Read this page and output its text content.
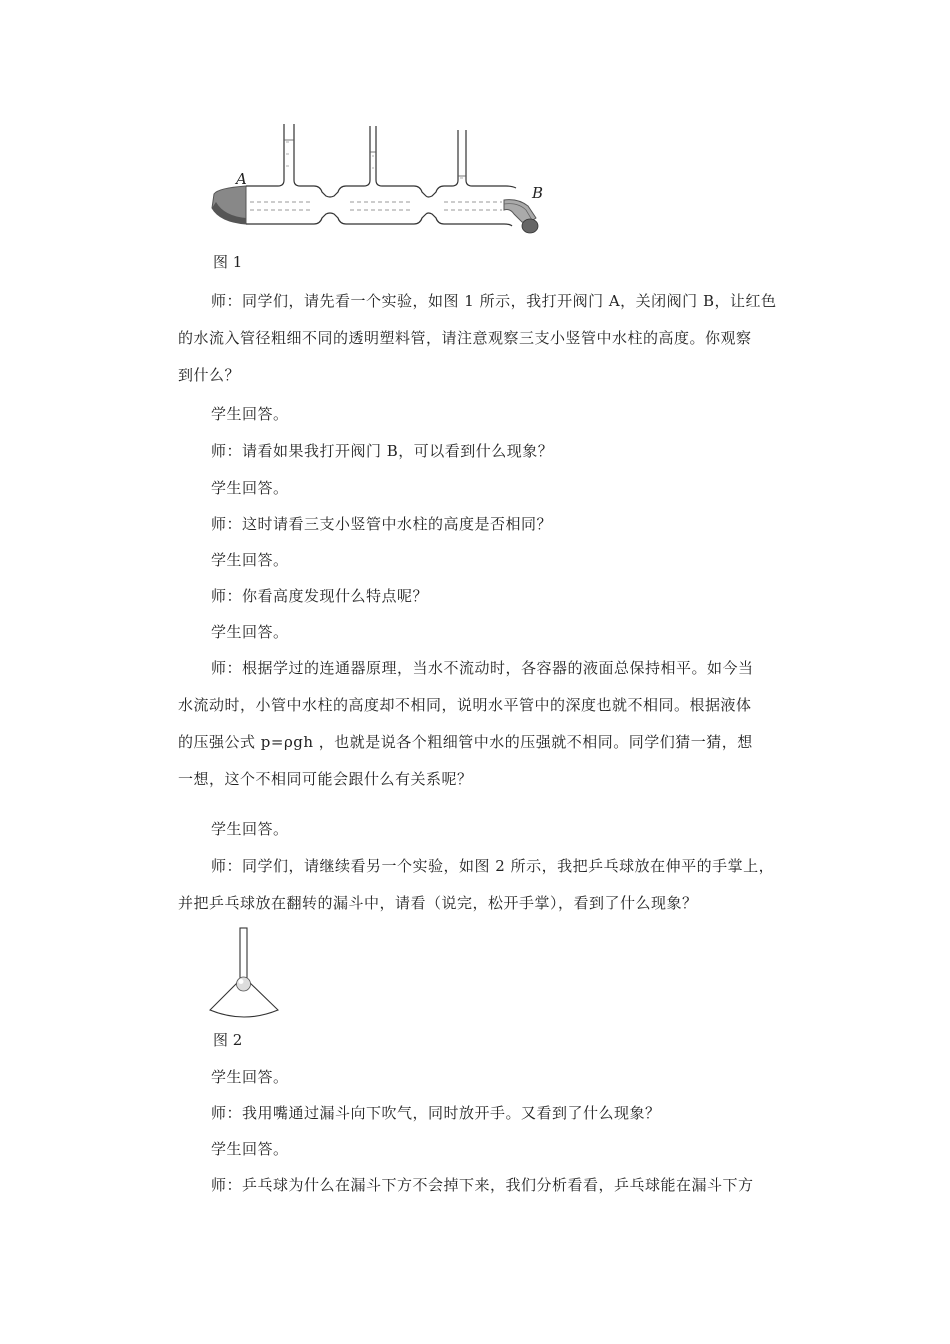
A
B
图 1
师：同学们，请先看一个实验，如图 1 所示，我打开阀门 A，关闭阀门 B，让红色
的水流入管径粗细不同的透明塑料管，请注意观察三支小竖管中水柱的高度。你观察
到什么？
学生回答。
师：请看如果我打开阀门 B，可以看到什么现象？
学生回答。
师：这时请看三支小竖管中水柱的高度是否相同？
学生回答。
师：你看高度发现什么特点呢？
学生回答。
师：根据学过的连通器原理，当水不流动时，各容器的液面总保持相平。如今当
水流动时，小管中水柱的高度却不相同，说明水平管中的深度也就不相同。根据液体
的压强公式 p=ρgh ，也就是说各个粗细管中水的压强就不相同。同学们猜一猜，想
一想，这个不相同可能会跟什么有关系呢？
学生回答。
师：同学们，请继续看另一个实验，如图 2 所示，我把乒乓球放在伸平的手掌上，
并把乒乓球放在翻转的漏斗中，请看（说完，松开手掌），看到了什么现象？
图 2
学生回答。
师：我用嘴通过漏斗向下吹气，同时放开手。又看到了什么现象？
学生回答。
师：乒乓球为什么在漏斗下方不会掉下来，我们分析看看，乒乓球能在漏斗下方
